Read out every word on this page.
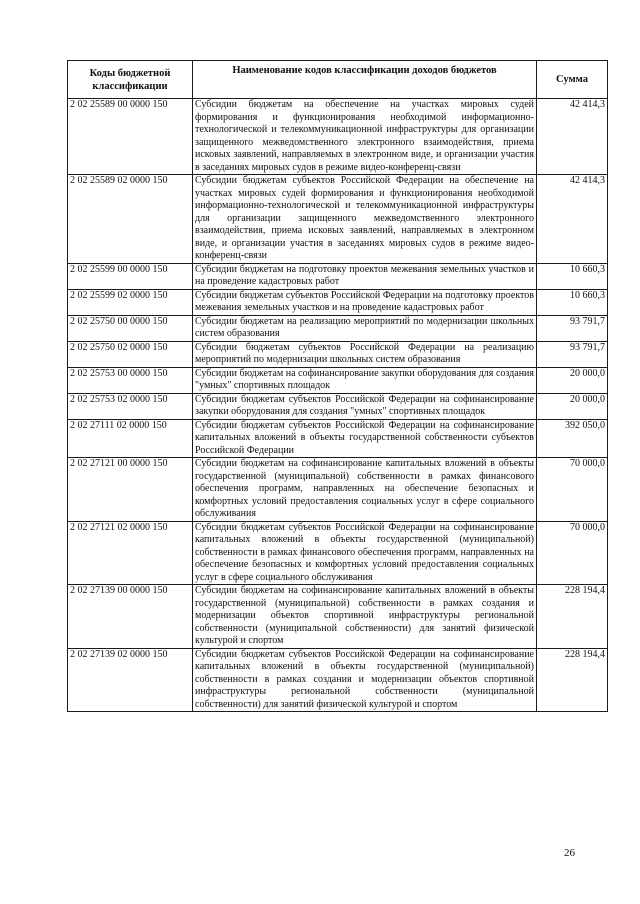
Коды бюджетной классификации	Наименование кодов классификации доходов бюджетов	Сумма
2 02 25589 00 0000 150	Субсидии бюджетам на обеспечение на участках мировых судей формирования и функционирования необходимой информационно-технологической и телекоммуникационной инфраструктуры для организации защищенного межведомственного электронного взаимодействия, приема исковых заявлений, направляемых в электронном виде, и организации участия в заседаниях мировых судов в режиме видео-конференц-связи	42 414,3
2 02 25589 02 0000 150	Субсидии бюджетам субъектов Российской Федерации на обеспечение на участках мировых судей формирования и функционирования необходимой информационно-технологической и телекоммуникационной инфраструктуры для организации защищенного межведомственного электронного взаимодействия, приема исковых заявлений, направляемых в электронном виде, и организации участия в заседаниях мировых судов в режиме видео-конференц-связи	42 414,3
2 02 25599 00 0000 150	Субсидии бюджетам на подготовку проектов межевания земельных участков и на проведение кадастровых работ	10 660,3
2 02 25599 02 0000 150	Субсидии бюджетам субъектов Российской Федерации на подготовку проектов межевания земельных участков и на проведение кадастровых работ	10 660,3
2 02 25750 00 0000 150	Субсидии бюджетам на реализацию мероприятий по модернизации школьных систем образования	93 791,7
2 02 25750 02 0000 150	Субсидии бюджетам субъектов Российской Федерации на реализацию мероприятий по модернизации школьных систем образования	93 791,7
2 02 25753 00 0000 150	Субсидии бюджетам на софинансирование закупки оборудования для создания "умных" спортивных площадок	20 000,0
2 02 25753 02 0000 150	Субсидии бюджетам субъектов Российской Федерации на софинансирование закупки оборудования для создания "умных" спортивных площадок	20 000,0
2 02 27111 02 0000 150	Субсидии бюджетам субъектов Российской Федерации на софинансирование капитальных вложений в объекты государственной собственности субъектов Российской Федерации	392 050,0
2 02 27121 00 0000 150	Субсидии бюджетам на софинансирование капитальных вложений в объекты государственной (муниципальной) собственности в рамках финансового обеспечения программ, направленных на обеспечение безопасных и комфортных условий предоставления социальных услуг в сфере социального обслуживания	70 000,0
2 02 27121 02 0000 150	Субсидии бюджетам субъектов Российской Федерации на софинансирование капитальных вложений в объекты государственной (муниципальной) собственности в рамках финансового обеспечения программ, направленных на обеспечение безопасных и комфортных условий предоставления социальных услуг в сфере социального обслуживания	70 000,0
2 02 27139 00 0000 150	Субсидии бюджетам на софинансирование капитальных вложений в объекты государственной (муниципальной) собственности в рамках создания и модернизации объектов спортивной инфраструктуры региональной собственности (муниципальной собственности) для занятий физической культурой и спортом	228 194,4
2 02 27139 02 0000 150	Субсидии бюджетам субъектов Российской Федерации на софинансирование капитальных вложений в объекты государственной (муниципальной) собственности в рамках создания и модернизации объектов спортивной инфраструктуры региональной собственности (муниципальной собственности) для занятий физической культурой и спортом	228 194,4
26
